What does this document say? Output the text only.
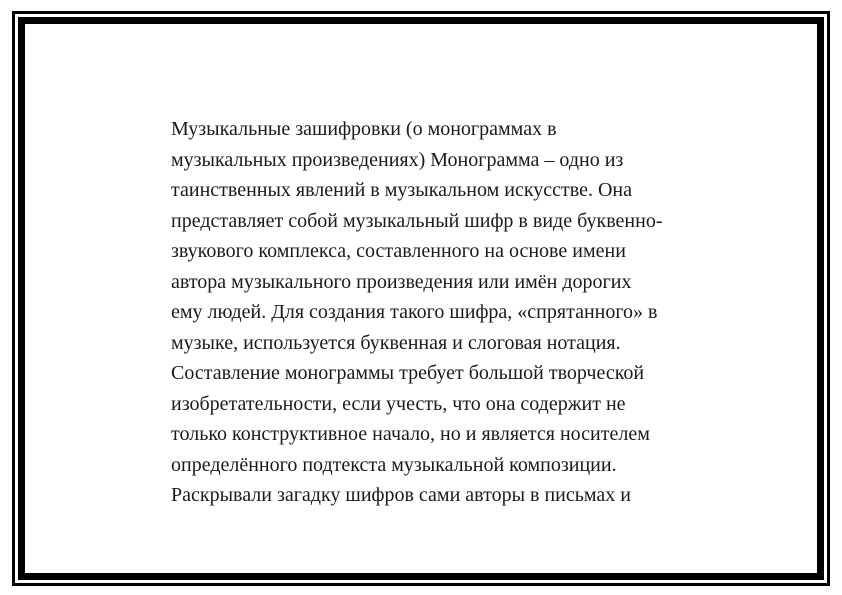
Музыкальные зашифровки (о монограммах в
музыкальных произведениях) Монограмма – одно из
таинственных явлений в музыкальном искусстве. Она
представляет собой музыкальный шифр в виде буквенно-
звукового комплекса, составленного на основе имени
автора музыкального произведения или имён дорогих
ему людей. Для создания такого шифра, «спрятанного» в
музыке, используется буквенная и слоговая нотация.
Составление монограммы требует большой творческой
изобретательности, если учесть, что она содержит не
только конструктивное начало, но и является носителем
определённого подтекста музыкальной композиции.
Раскрывали загадку шифров сами авторы в письмах и
